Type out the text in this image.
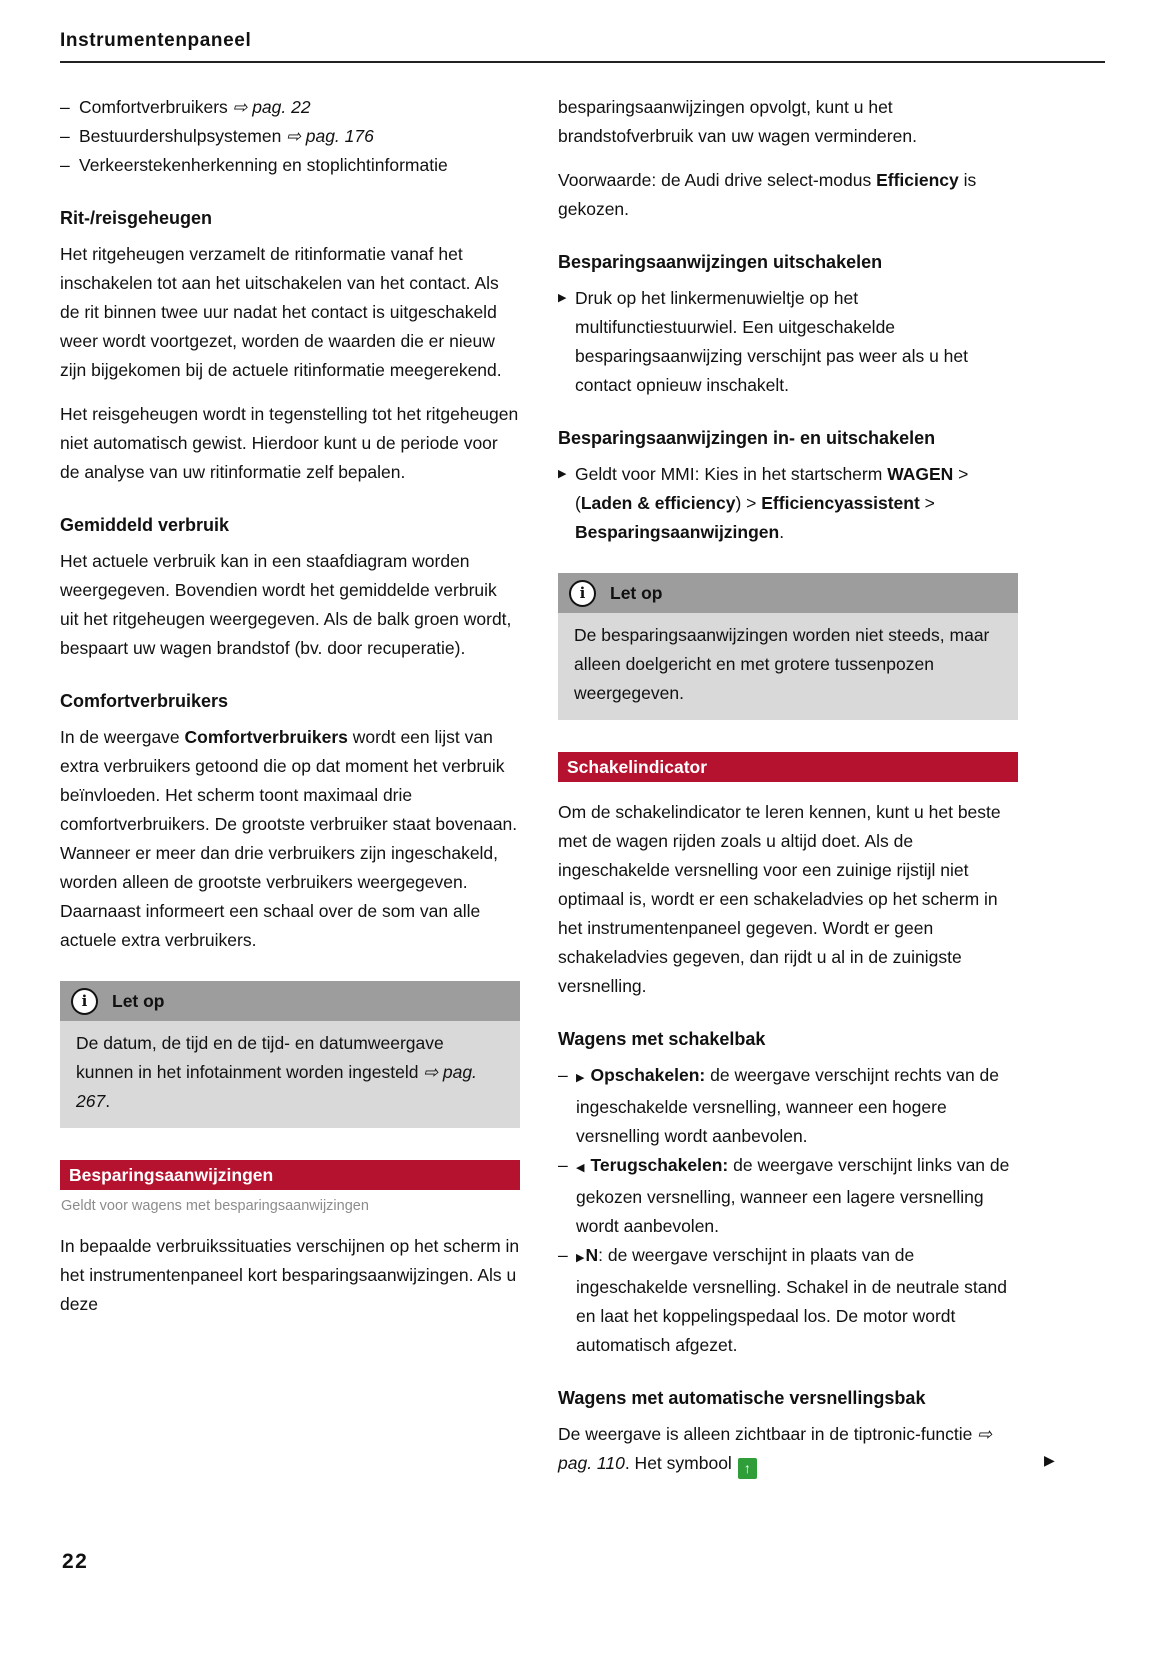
Instrumentenpaneel
– Comfortverbruikers ⇨ pag. 22
– Bestuurdershulpsystemen ⇨ pag. 176
– Verkeerstekenherkenning en stoplichtinformatie
Rit-/reisgeheugen

Het ritgeheugen verzamelt de ritinformatie vanaf het inschakelen tot aan het uitschakelen van het contact. Als de rit binnen twee uur nadat het contact is uitgeschakeld weer wordt voortgezet, worden de waarden die er nieuw zijn bijgekomen bij de actuele ritinformatie meegerekend.

Het reisgeheugen wordt in tegenstelling tot het ritgeheugen niet automatisch gewist. Hierdoor kunt u de periode voor de analyse van uw ritinformatie zelf bepalen.

Gemiddeld verbruik

Het actuele verbruik kan in een staafdiagram worden weergegeven. Bovendien wordt het gemiddelde verbruik uit het ritgeheugen weergegeven. Als de balk groen wordt, bespaart uw wagen brandstof (bv. door recuperatie).

Comfortverbruikers

In de weergave Comfortverbruikers wordt een lijst van extra verbruikers getoond die op dat moment het verbruik beïnvloeden. Het scherm toont maximaal drie comfortverbruikers. De grootste verbruiker staat bovenaan. Wanneer er meer dan drie verbruikers zijn ingeschakeld, worden alleen de grootste verbruikers weergegeven. Daarnaast informeert een schaal over de som van alle actuele extra verbruikers.

i Let op
De datum, de tijd en de tijd- en datumweergave kunnen in het infotainment worden ingesteld ⇨ pag. 267.
Besparingsaanwijzingen
Geldt voor wagens met besparingsaanwijzingen

In bepaalde verbruikssituaties verschijnen op het scherm in het instrumentenpaneel kort besparingsaanwijzingen. Als u deze

besparingsaanwijzingen opvolgt, kunt u het brandstofverbruik van uw wagen verminderen.

Voorwaarde: de Audi drive select-modus Efficiency is gekozen.

Besparingsaanwijzingen uitschakelen
▶ Druk op het linkermenuwieltje op het multifunctiestuurwiel. Een uitgeschakelde besparingsaanwijzing verschijnt pas weer als u het contact opnieuw inschakelt.
Besparingsaanwijzingen in- en uitschakelen
▶ Geldt voor MMI: Kies in het startscherm WAGEN > (Laden & efficiency) > Efficiencyassistent > Besparingsaanwijzingen.
i Let op
De besparingsaanwijzingen worden niet steeds, maar alleen doelgericht en met grotere tussenpozen weergegeven.
Schakelindicator

Om de schakelindicator te leren kennen, kunt u het beste met de wagen rijden zoals u altijd doet. Als de ingeschakelde versnelling voor een zuinige rijstijl niet optimaal is, wordt er een schakeladvies op het scherm in het instrumentenpaneel gegeven. Wordt er geen schakeladvies gegeven, dan rijdt u al in de zuinigste versnelling.

Wagens met schakelbak
– ▶ Opschakelen: de weergave verschijnt rechts van de ingeschakelde versnelling, wanneer een hogere versnelling wordt aanbevolen.
– ◀ Terugschakelen: de weergave verschijnt links van de gekozen versnelling, wanneer een lagere versnelling wordt aanbevolen.
– ▶N: de weergave verschijnt in plaats van de ingeschakelde versnelling. Schakel in de neutrale stand en laat het koppelingspedaal los. De motor wordt automatisch afgezet.
Wagens met automatische versnellingsbak

De weergave is alleen zichtbaar in de tiptronic-functie ⇨ pag. 110. Het symbool ↑

22
▶
